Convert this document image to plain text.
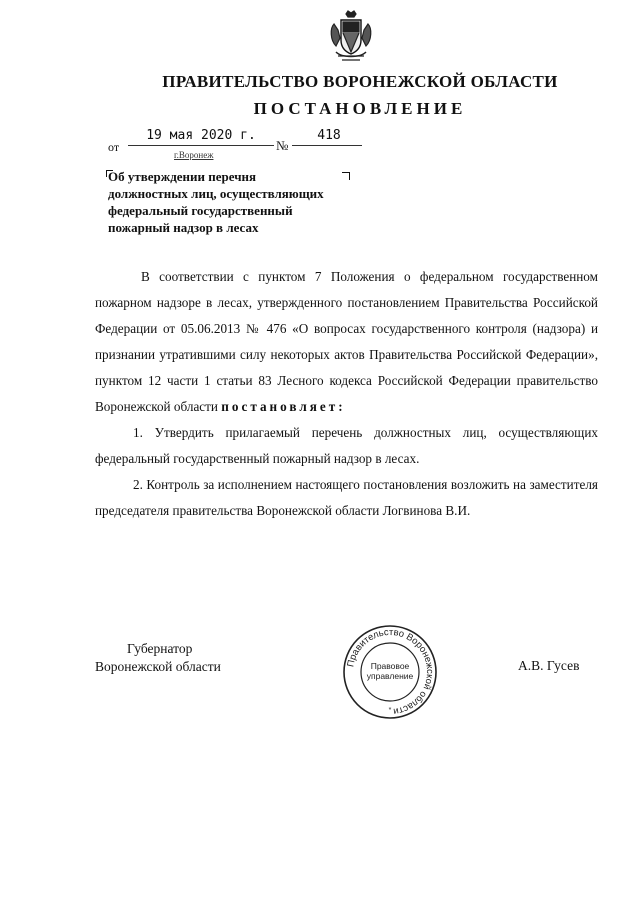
ПРАВИТЕЛЬСТВО ВОРОНЕЖСКОЙ ОБЛАСТИ
ПОСТАНОВЛЕНИЕ
от
19 мая 2020 г.
№
418
г.Воронеж
Об утверждении перечня
должностных лиц, осуществляющих
федеральный государственный
пожарный надзор в лесах

В соответствии с пунктом 7 Положения о федеральном государственном пожарном надзоре в лесах, утвержденного постановлением Правительства Российской Федерации от 05.06.2013 № 476 «О вопросах государственного контроля (надзора) и признании утратившими силу некоторых актов Правительства Российской Федерации», пунктом 12 части 1 статьи 83 Лесного кодекса Российской Федерации правительство Воронежской области постановляет:

1. Утвердить прилагаемый перечень должностных лиц, осуществляющих федеральный государственный пожарный надзор в лесах.

2. Контроль за исполнением настоящего постановления возложить на заместителя председателя правительства Воронежской области Логвинова В.И.

Губернатор
Воронежской области	Правительство Воронежской области
Правовое
управление
*
А.В. Гусев
